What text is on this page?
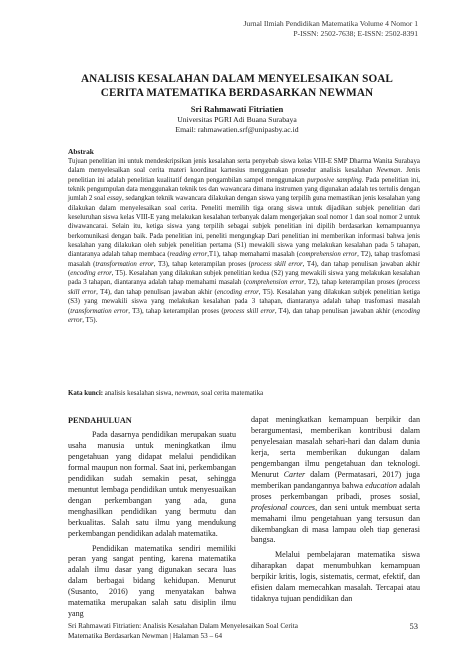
Jurnal Ilmiah Pendidikan Matematika Volume 4 Nomor 1
P-ISSN: 2502-7638; E-ISSN: 2502-8391
ANALISIS KESALAHAN DALAM MENYELESAIKAN SOAL
CERITA MATEMATIKA BERDASARKAN NEWMAN
Sri Rahmawati Fitriatien
Universitas PGRI Adi Buana Surabaya
Email: rahmawatien.srf@unipasby.ac.id
Abstrak
Tujuan penelitian ini untuk mendeskripsikan jenis kesalahan serta penyebab siswa kelas VIII-E SMP Dharma Wanita Surabaya dalam menyelesaikan soal cerita materi koordinat kartesius menggunakan prosedur analisis kesalahan Newman. Jenis penelitian ini adalah penelitian kualitatif dengan pengambilan sampel menggunakan purposive sampling. Pada penelitian ini, teknik pengumpulan data menggunakan teknik tes dan wawancara dimana instrumen yang digunakan adalah tes tertulis dengan jumlah 2 soal essay, sedangkan teknik wawancara dilakukan dengan siswa yang terpilih guna memastikan jenis kesalahan yang dilakukan dalam menyelesaikan soal cerita. Peneliti memilih tiga orang siswa untuk dijadikan subjek penelitian dari keseluruhan siswa kelas VIII-E yang melakukan kesalahan terbanyak dalam mengerjakan soal nomor 1 dan soal nomor 2 untuk diwawancarai. Selain itu, ketiga siswa yang terpilih sebagai subjek penelitian ini dipilih berdasarkan kemampuannya berkomunikasi dengan baik. Pada penelitian ini, peneliti mengungkap Dari penelitian ini memberikan informasi bahwa jenis kesalahan yang dilakukan oleh subjek penelitian pertama (S1) mewakili siswa yang melakukan kesalahan pada 5 tahapan, diantaranya adalah tahap membaca (reading error,T1), tahap memahami masalah (comprehension error, T2), tahap trasfomasi masalah (transformation error, T3), tahap keterampilan proses (process skill error, T4), dan tahap penulisan jawaban akhir (encoding error, T5). Kesalahan yang dilakukan subjek penelitian kedua (S2) yang mewakili siswa yang melakukan kesalahan pada 3 tahapan, diantaranya adalah tahap memahami masalah (comprehension error, T2), tahap keterampilan proses (process skill error, T4), dan tahap penulisan jawaban akhir (encoding error, T5). Kesalahan yang dilakukan subjek penelitian ketiga (S3) yang mewakili siswa yang melakukan kesalahan pada 3 tahapan, diantaranya adalah tahap trasfomasi masalah (transformation error, T3), tahap keterampilan proses (process skill error, T4), dan tahap penulisan jawaban akhir (encoding error, T5).
Kata kunci: analisis kesalahan siswa, newman, soal cerita matematika
PENDAHULUAN

Pada dasarnya pendidikan merupakan suatu usaha manusia untuk meningkatkan ilmu pengetahuan yang didapat melalui pendidikan formal maupun non formal. Saat ini, perkembangan pendidikan sudah semakin pesat, sehingga menuntut lembaga pendidikan untuk menyesuaikan dengan perkembangan yang ada, guna menghasilkan pendidikan yang bermutu dan berkualitas. Salah satu ilmu yang mendukung perkembangan pendidikan adalah matematika.

Pendidikan matematika sendiri memiliki peran yang sangat penting, karena matematika adalah ilmu dasar yang digunakan secara luas dalam berbagai bidang kehidupan. Menurut (Susanto, 2016) yang menyatakan bahwa matematika merupakan salah satu disiplin ilmu yang

dapat meningkatkan kemampuan berpikir dan berargumentasi, memberikan kontribusi dalam penyelesaian masalah sehari-hari dan dalam dunia kerja, serta memberikan dukungan dalam pengembangan ilmu pengetahuan dan teknologi. Menurut Carter dalam (Permatasari, 2017) juga memberikan pandangannya bahwa education adalah proses perkembangan pribadi, proses sosial, profesional cources, dan seni untuk membuat serta memahami ilmu pengetahuan yang tersusun dan dikembangkan di masa lampau oleh tiap generasi bangsa.

Melalui pembelajaran matematika siswa diharapkan dapat menumbuhkan kemampuan berpikir kritis, logis, sistematis, cermat, efektif, dan efisien dalam memecahkan masalah. Tercapai atau tidaknya tujuan pendidikan dan

Sri Rahmawati Fitriatien: Analisis Kesalahan Dalam Menyelesaikan Soal Cerita
Matematika Berdasarkan Newman | Halaman 53 – 64
53
